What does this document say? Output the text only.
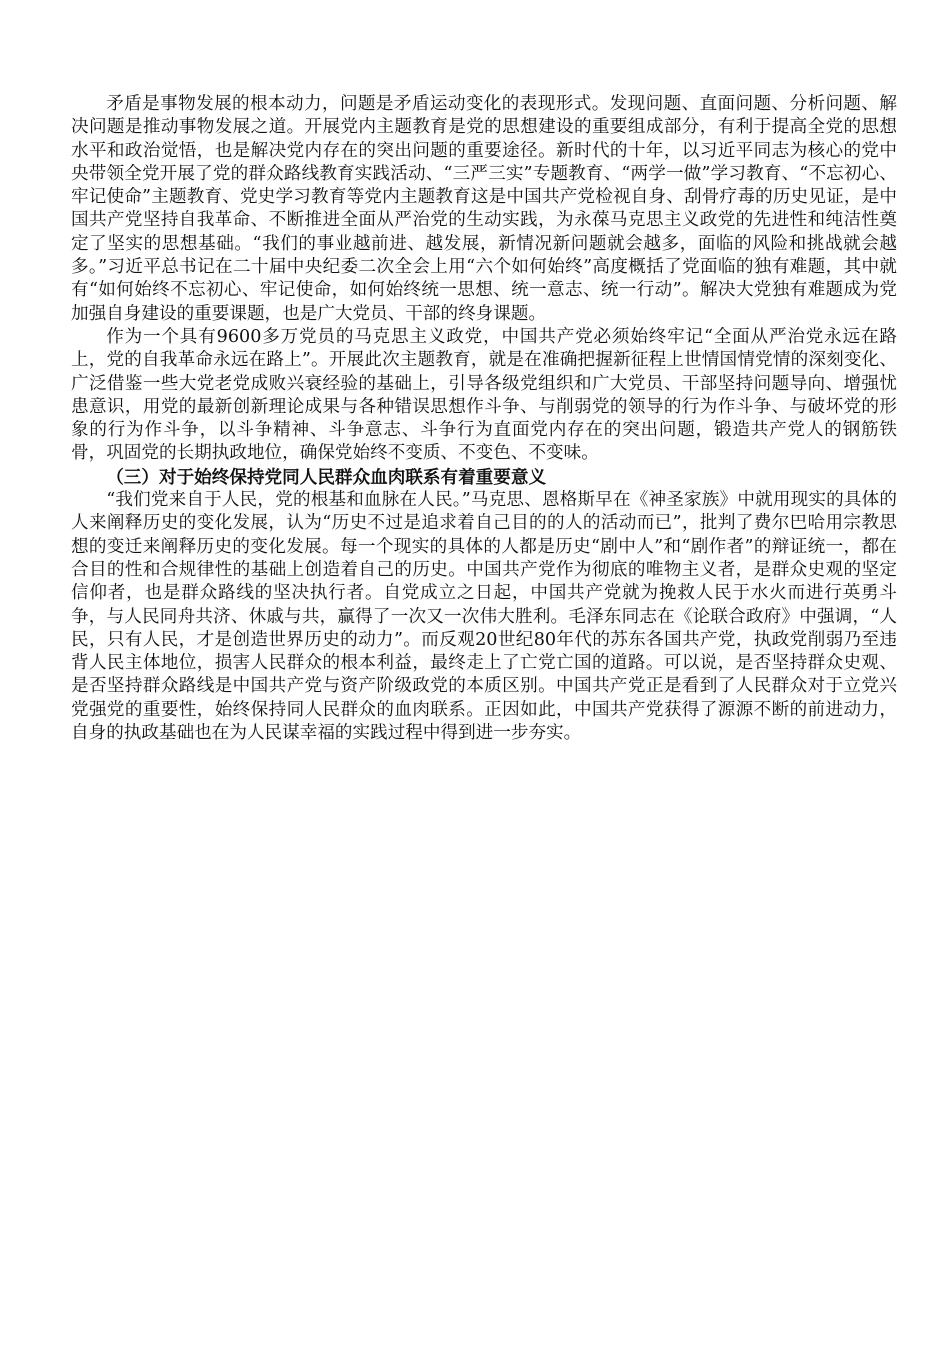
矛盾是事物发展的根本动力，问题是矛盾运动变化的表现形式。发现问题、直面问题、分析问题、解决问题是推动事物发展之道。开展党内主题教育是党的思想建设的重要组成部分，有利于提高全党的思想水平和政治觉悟，也是解决党内存在的突出问题的重要途径。新时代的十年，以习近平同志为核心的党中央带领全党开展了党的群众路线教育实践活动、“三严三实”专题教育、“两学一做”学习教育、“不忘初心、牢记使命”主题教育、党史学习教育等党内主题教育这是中国共产党检视自身、刮骨疗毒的历史见证，是中国共产党坚持自我革命、不断推进全面从严治党的生动实践，为永葆马克思主义政党的先进性和纯洁性奠定了坚实的思想基础。“我们的事业越前进、越发展，新情况新问题就会越多，面临的风险和挑战就会越多。”习近平总书记在二十届中央纪委二次全会上用“六个如何始终”高度概括了党面临的独有难题，其中就有“如何始终不忘初心、牢记使命，如何始终统一思想、统一意志、统一行动”。解决大党独有难题成为党加强自身建设的重要课题，也是广大党员、干部的终身课题。

作为一个具有9600多万党员的马克思主义政党，中国共产党必须始终牢记“全面从严治党永远在路上，党的自我革命永远在路上”。开展此次主题教育，就是在准确把握新征程上世情国情党情的深刻变化、广泛借鉴一些大党老党成败兴衰经验的基础上，引导各级党组织和广大党员、干部坚持问题导向、增强忧患意识，用党的最新创新理论成果与各种错误思想作斗争、与削弱党的领导的行为作斗争、与破坏党的形象的行为作斗争，以斗争精神、斗争意志、斗争行为直面党内存在的突出问题，锻造共产党人的钢筋铁骨，巩固党的长期执政地位，确保党始终不变质、不变色、不变味。

（三）对于始终保持党同人民群众血肉联系有着重要意义

“我们党来自于人民，党的根基和血脉在人民。”马克思、恩格斯早在《神圣家族》中就用现实的具体的人来阐释历史的变化发展，认为“历史不过是追求着自己目的的人的活动而已”，批判了费尔巴哈用宗教思想的变迁来阐释历史的变化发展。每一个现实的具体的人都是历史“剧中人”和“剧作者”的辩证统一，都在合目的性和合规律性的基础上创造着自己的历史。中国共产党作为彻底的唯物主义者，是群众史观的坚定信仰者，也是群众路线的坚决执行者。自党成立之日起，中国共产党就为挽救人民于水火而进行英勇斗争，与人民同舟共济、休戚与共，赢得了一次又一次伟大胜利。毛泽东同志在《论联合政府》中强调，“人民，只有人民，才是创造世界历史的动力”。而反观20世纪80年代的苏东各国共产党，执政党削弱乃至违背人民主体地位，损害人民群众的根本利益，最终走上了亡党亡国的道路。可以说，是否坚持群众史观、是否坚持群众路线是中国共产党与资产阶级政党的本质区别。中国共产党正是看到了人民群众对于立党兴党强党的重要性，始终保持同人民群众的血肉联系。正因如此，中国共产党获得了源源不断的前进动力，自身的执政基础也在为人民谋幸福的实践过程中得到进一步夯实。
